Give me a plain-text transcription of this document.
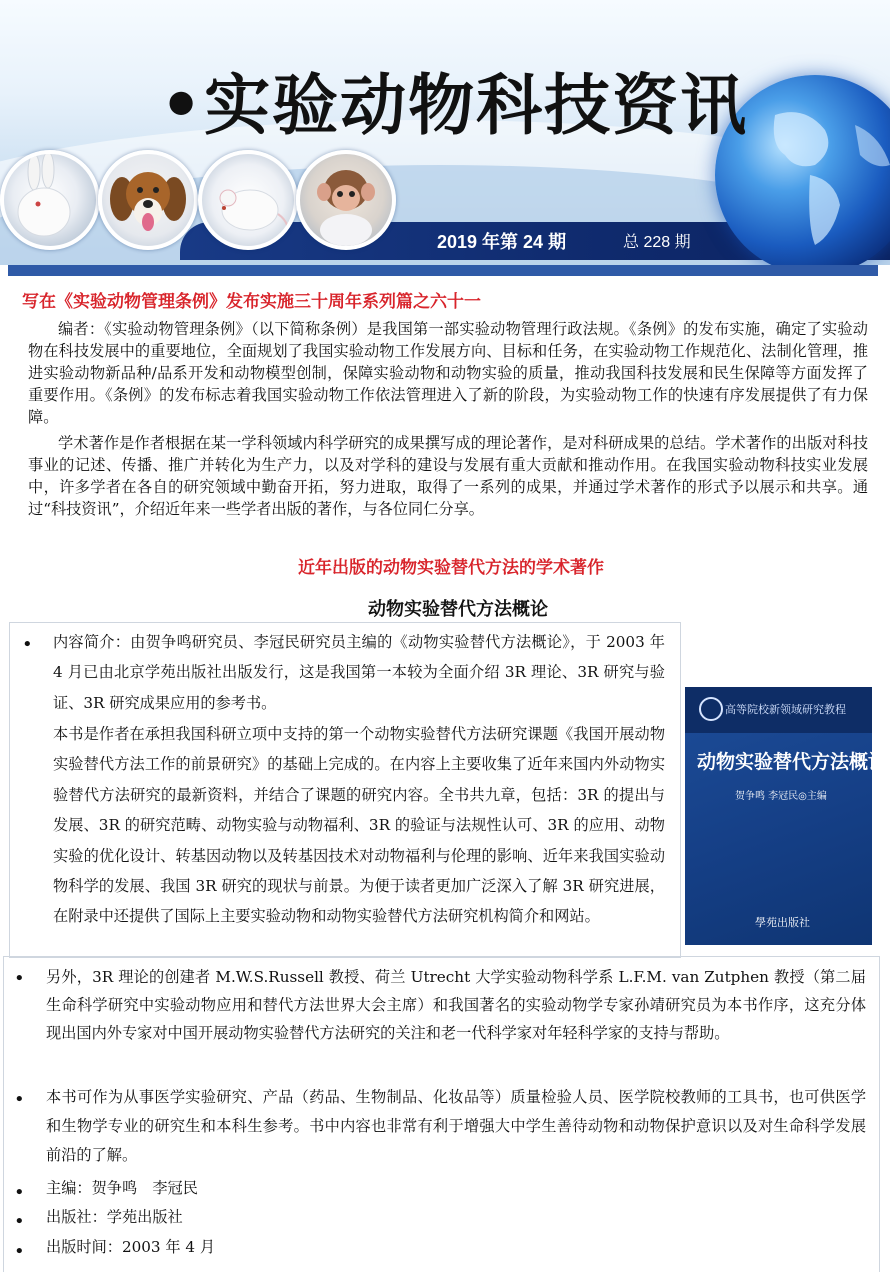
•实验动物科技资讯
2019 年第 24 期	总 228 期
写在《实验动物管理条例》发布实施三十周年系列篇之六十一

编者：《实验动物管理条例》（以下简称条例）是我国第一部实验动物管理行政法规。《条例》的发布实施，确定了实验动物在科技发展中的重要地位，全面规划了我国实验动物工作发展方向、目标和任务，在实验动物工作规范化、法制化管理，推进实验动物新品种/品系开发和动物模型创制，保障实验动物和动物实验的质量，推动我国科技发展和民生保障等方面发挥了重要作用。《条例》的发布标志着我国实验动物工作依法管理进入了新的阶段，为实验动物工作的快速有序发展提供了有力保障。

学术著作是作者根据在某一学科领域内科学研究的成果撰写成的理论著作，是对科研成果的总结。学术著作的出版对科技事业的记述、传播、推广并转化为生产力，以及对学科的建设与发展有重大贡献和推动作用。在我国实验动物科技实业发展中，许多学者在各自的研究领域中勤奋开拓，努力进取，取得了一系列的成果，并通过学术著作的形式予以展示和共享。通过“科技资讯”，介绍近年来一些学者出版的著作，与各位同仁分享。

近年出版的动物实验替代方法的学术著作
动物实验替代方法概论
• 内容简介：由贺争鸣研究员、李冠民研究员主编的《动物实验替代方法概论》，于 2003 年 4 月已由北京学苑出版社出版发行，这是我国第一本较为全面介绍 3R 理论、3R 研究与验证、3R 研究成果应用的参考书。

本书是作者在承担我国科研立项中支持的第一个动物实验替代方法研究课题《我国开展动物实验替代方法工作的前景研究》的基础上完成的。在内容上主要收集了近年来国内外动物实验替代方法研究的最新资料，并结合了课题的研究内容。全书共九章，包括：3R 的提出与发展、3R 的研究范畴、动物实验与动物福利、3R 的验证与法规性认可、3R 的应用、动物实验的优化设计、转基因动物以及转基因技术对动物福利与伦理的影响、近年来我国实验动物科学的发展、我国 3R 研究的现状与前景。为便于读者更加广泛深入了解 3R 研究进展，在附录中还提供了国际上主要实验动物和动物实验替代方法研究机构简介和网站。

高等院校新领域研究教程
动物实验替代方法概论
贺争鸣 李冠民◎主编
學苑出版社
• 另外，3R 理论的创建者 M.W.S.Russell 教授、荷兰 Utrecht 大学实验动物科学系 L.F.M. van Zutphen 教授（第二届生命科学研究中实验动物应用和替代方法世界大会主席）和我国著名的实验动物学专家孙靖研究员为本书作序，这充分体现出国内外专家对中国开展动物实验替代方法研究的关注和老一代科学家对年轻科学家的支持与帮助。

• 本书可作为从事医学实验研究、产品（药品、生物制品、化妆品等）质量检验人员、医学院校教师的工具书，也可供医学和生物学专业的研究生和本科生参考。书中内容也非常有利于增强大中学生善待动物和动物保护意识以及对生命科学发展前沿的了解。

• 主编：贺争鸣　李冠民

• 出版社：学苑出版社

• 出版时间：2003 年 4 月
